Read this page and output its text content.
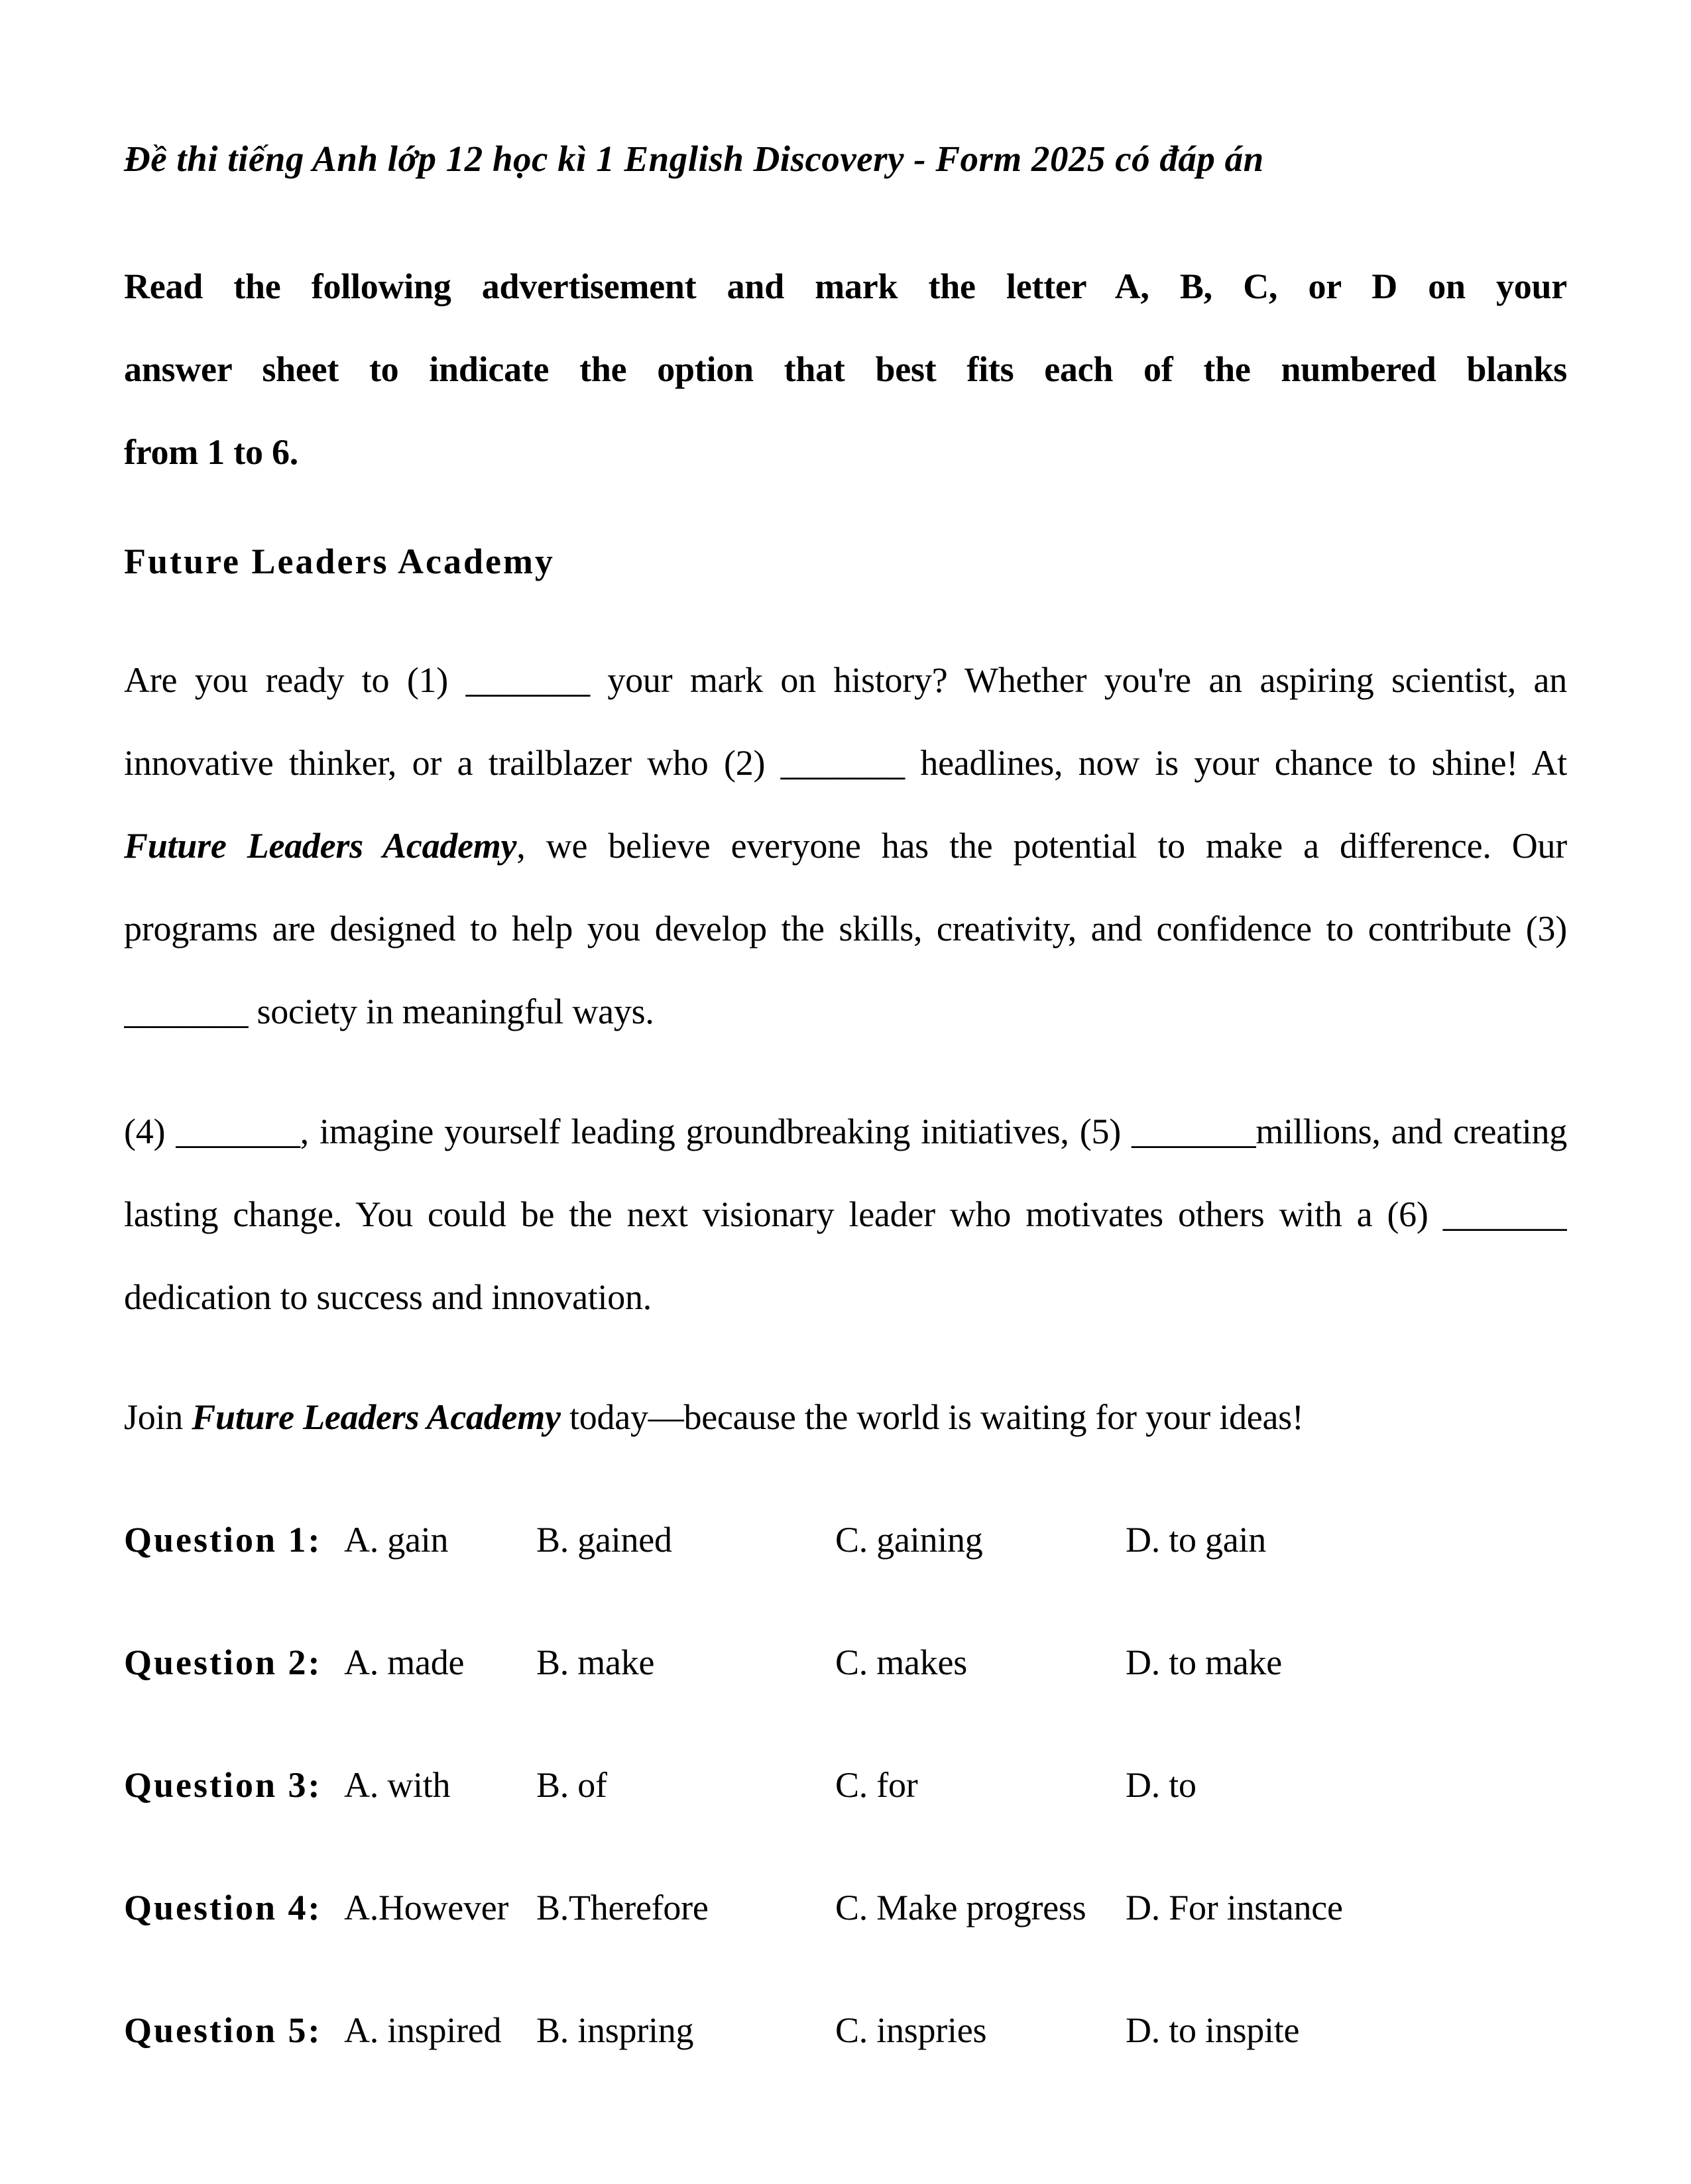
Đề thi tiếng Anh lớp 12 học kì 1 English Discovery - Form 2025 có đáp án
Read the following advertisement and mark the letter A, B, C, or D on your
answer sheet to indicate the option that best fits each of the numbered blanks
from 1 to 6.
Future Leaders Academy
Are you ready to (1) _______ your mark on history? Whether you're an aspiring scientist, an
innovative thinker, or a trailblazer who (2) _______ headlines, now is your chance to shine! At
Future Leaders Academy, we believe everyone has the potential to make a difference. Our
programs are designed to help you develop the skills, creativity, and confidence to contribute (3)
_______ society in meaningful ways.
(4) _______, imagine yourself leading groundbreaking initiatives, (5) _______millions, and creating
lasting change. You could be the next visionary leader who motivates others with a (6) _______
dedication to success and innovation.
Join Future Leaders Academy today—because the world is waiting for your ideas!
Question 1: A. gain	B. gained	C. gaining	D. to gain
Question 2: A. made	B. make	C. makes	D. to make
Question 3: A. with	B. of	C. for	D. to
Question 4: A.However B.Therefore	C. Make progress	D. For instance
Question 5: A. inspired B. inspring	C. inspries	D. to inspite
